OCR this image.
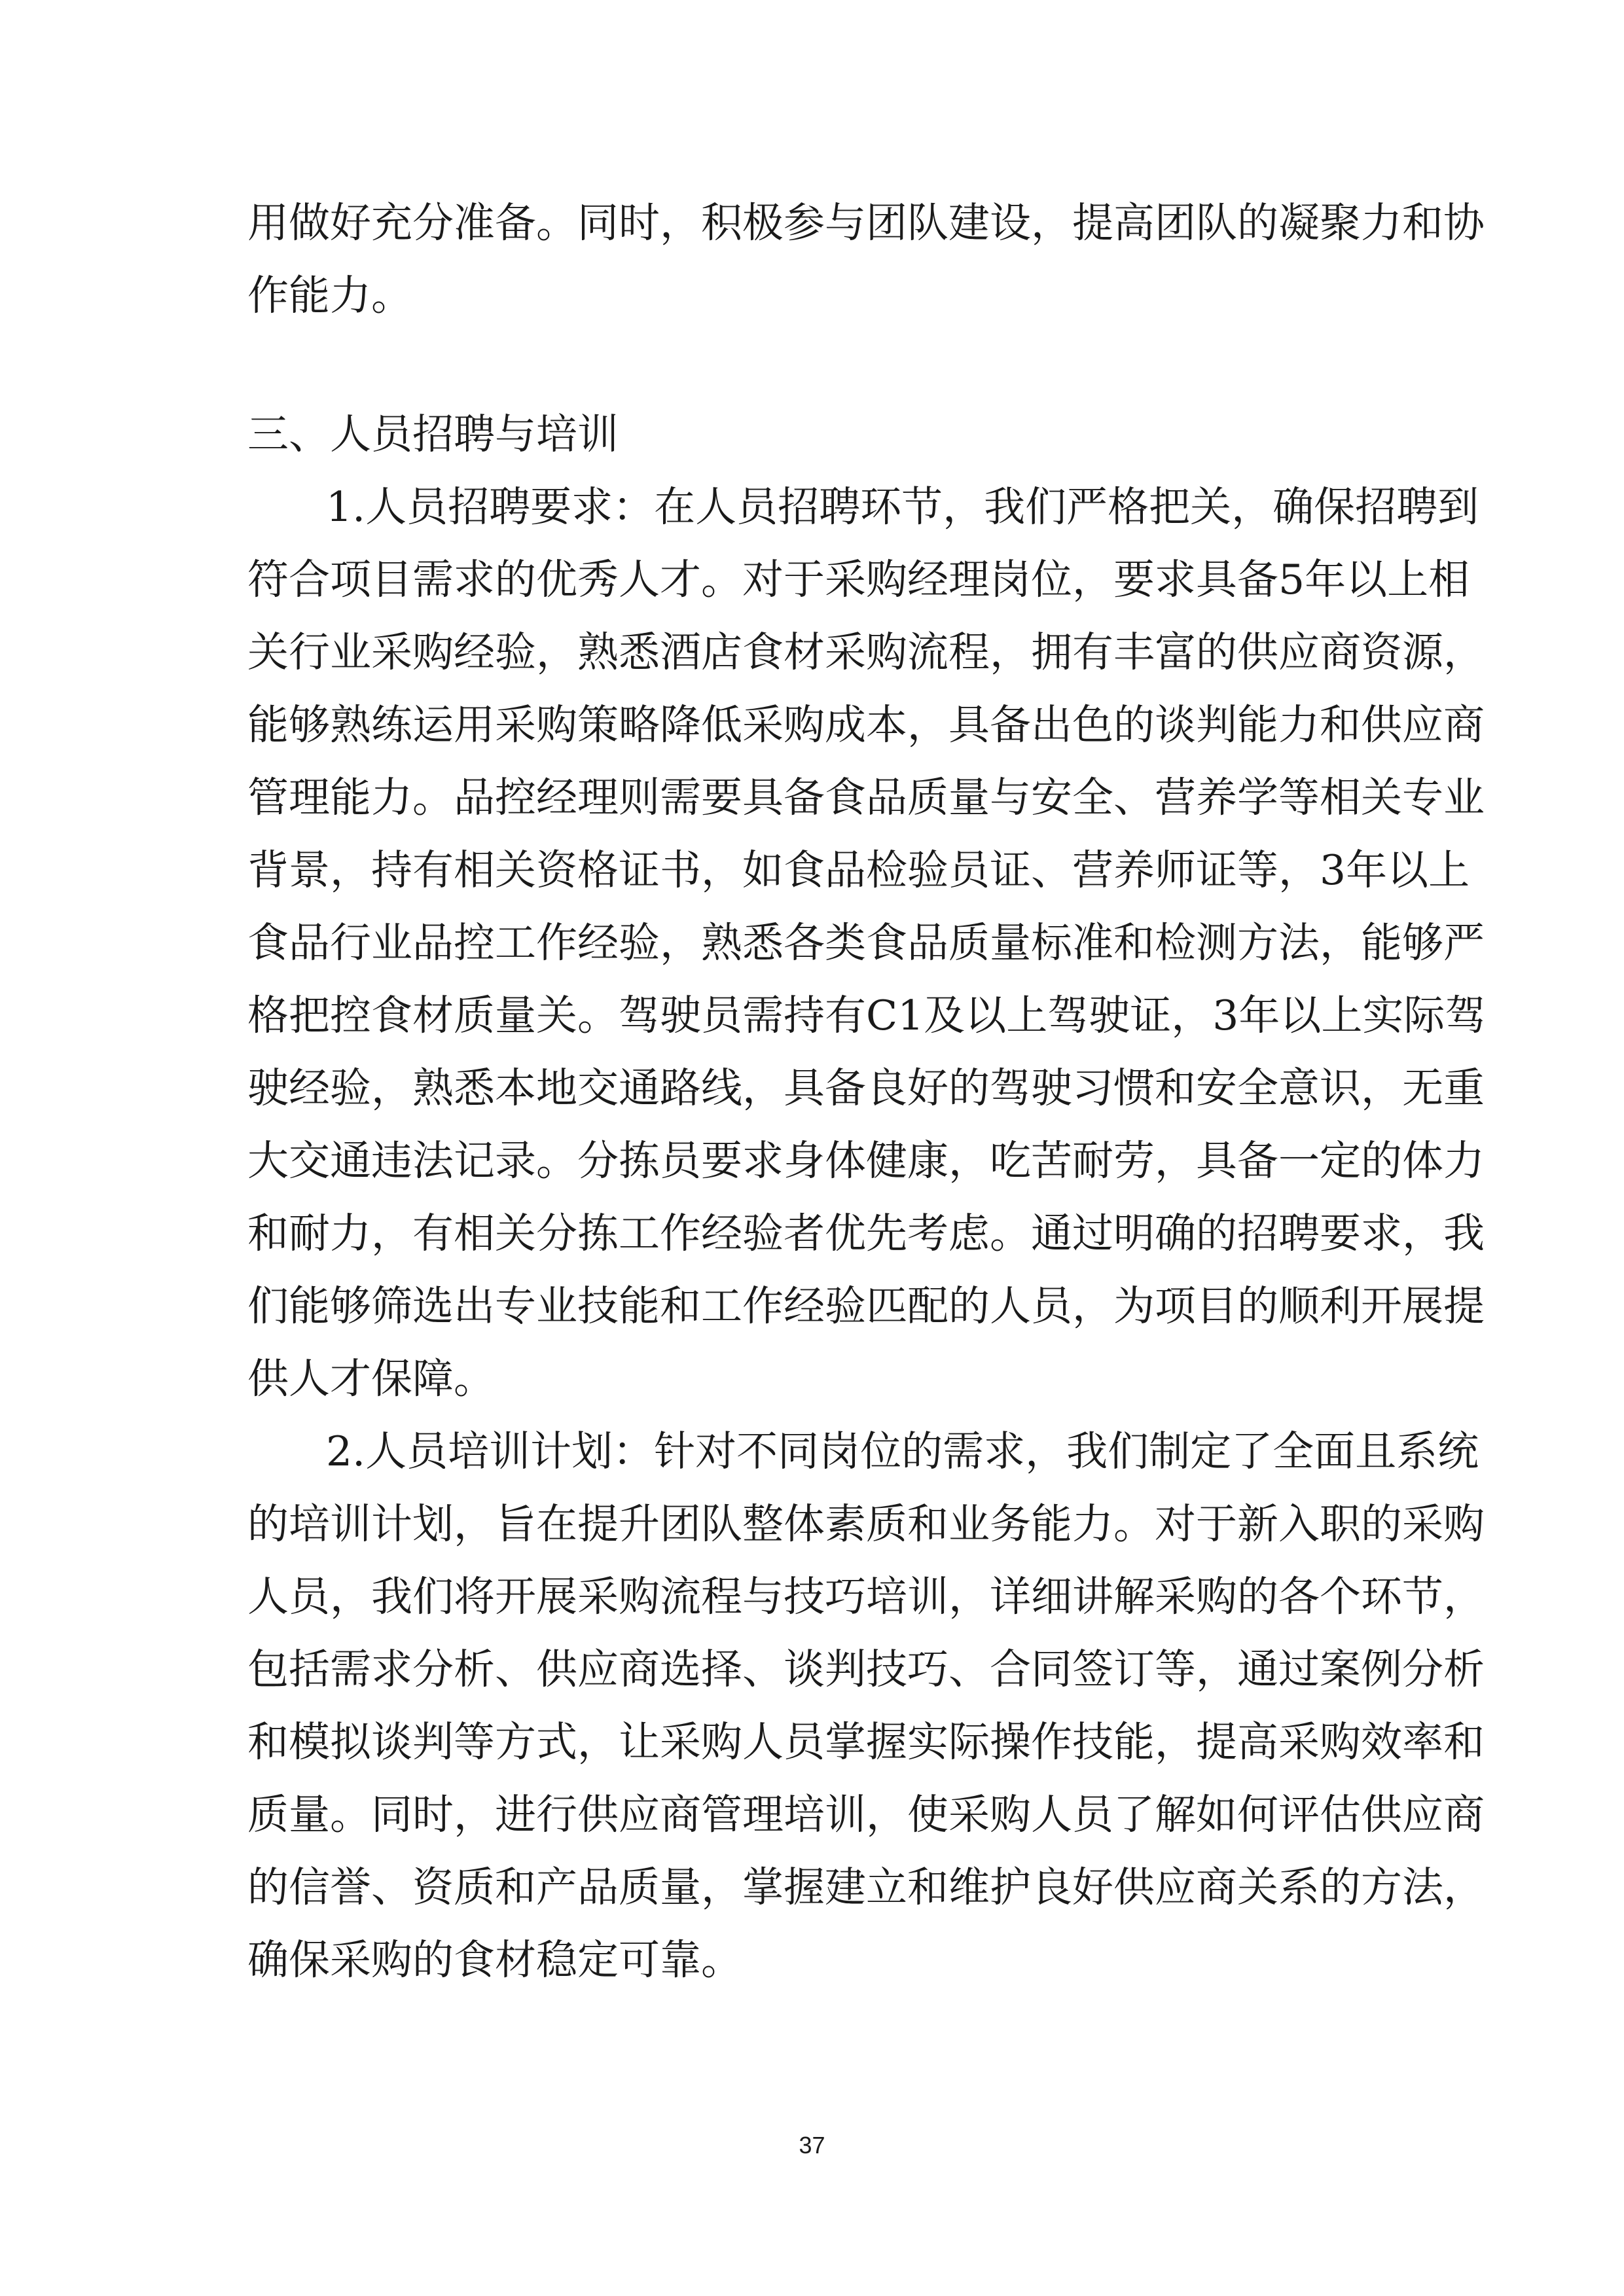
用做好充分准备。同时，积极参与团队建设，提高团队的凝聚力和协
作能力。
三、人员招聘与培训
1.人员招聘要求：在人员招聘环节，我们严格把关，确保招聘到
符合项目需求的优秀人才。对于采购经理岗位，要求具备5年以上相
关行业采购经验，熟悉酒店食材采购流程，拥有丰富的供应商资源，
能够熟练运用采购策略降低采购成本，具备出色的谈判能力和供应商
管理能力。品控经理则需要具备食品质量与安全、营养学等相关专业
背景，持有相关资格证书，如食品检验员证、营养师证等，3年以上
食品行业品控工作经验，熟悉各类食品质量标准和检测方法，能够严
格把控食材质量关。驾驶员需持有C1及以上驾驶证，3年以上实际驾
驶经验，熟悉本地交通路线，具备良好的驾驶习惯和安全意识，无重
大交通违法记录。分拣员要求身体健康，吃苦耐劳，具备一定的体力
和耐力，有相关分拣工作经验者优先考虑。通过明确的招聘要求，我
们能够筛选出专业技能和工作经验匹配的人员，为项目的顺利开展提
供人才保障。
2.人员培训计划：针对不同岗位的需求，我们制定了全面且系统
的培训计划，旨在提升团队整体素质和业务能力。对于新入职的采购
人员，我们将开展采购流程与技巧培训，详细讲解采购的各个环节，
包括需求分析、供应商选择、谈判技巧、合同签订等，通过案例分析
和模拟谈判等方式，让采购人员掌握实际操作技能，提高采购效率和
质量。同时，进行供应商管理培训，使采购人员了解如何评估供应商
的信誉、资质和产品质量，掌握建立和维护良好供应商关系的方法，
确保采购的食材稳定可靠。
37
